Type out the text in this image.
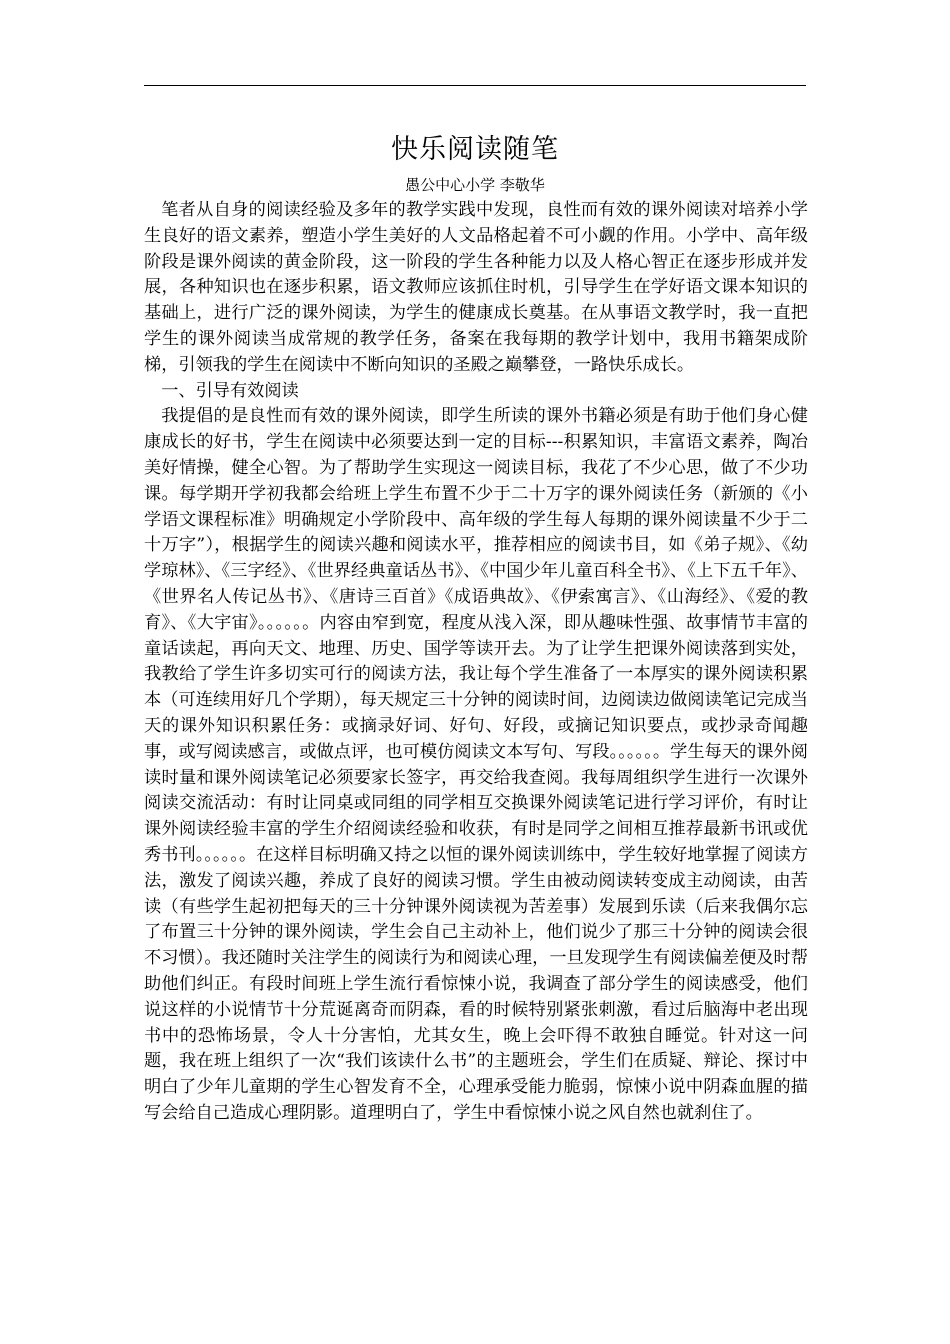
快乐阅读随笔
愚公中心小学 李敬华

笔者从自身的阅读经验及多年的教学实践中发现，良性而有效的课外阅读对培养小学生良好的语文素养，塑造小学生美好的人文品格起着不可小觑的作用。小学中、高年级阶段是课外阅读的黄金阶段，这一阶段的学生各种能力以及人格心智正在逐步形成并发展，各种知识也在逐步积累，语文教师应该抓住时机，引导学生在学好语文课本知识的基础上，进行广泛的课外阅读，为学生的健康成长奠基。在从事语文教学时，我一直把学生的课外阅读当成常规的教学任务，备案在我每期的教学计划中，我用书籍架成阶梯，引领我的学生在阅读中不断向知识的圣殿之巅攀登，一路快乐成长。

一、引导有效阅读

我提倡的是良性而有效的课外阅读，即学生所读的课外书籍必须是有助于他们身心健康成长的好书，学生在阅读中必须要达到一定的目标---积累知识，丰富语文素养，陶冶美好情操，健全心智。为了帮助学生实现这一阅读目标，我花了不少心思，做了不少功课。每学期开学初我都会给班上学生布置不少于二十万字的课外阅读任务（新颁的《小学语文课程标准》明确规定小学阶段中、高年级的学生每人每期的课外阅读量不少于二十万字”），根据学生的阅读兴趣和阅读水平，推荐相应的阅读书目，如《弟子规》、《幼学琼林》、《三字经》、《世界经典童话丛书》、《中国少年儿童百科全书》、《上下五千年》、《世界名人传记丛书》、《唐诗三百首》《成语典故》、《伊索寓言》、《山海经》、《爱的教育》、《大宇宙》。。。。。。内容由窄到宽，程度从浅入深，即从趣味性强、故事情节丰富的童话读起，再向天文、地理、历史、国学等读开去。为了让学生把课外阅读落到实处，我教给了学生许多切实可行的阅读方法，我让每个学生准备了一本厚实的课外阅读积累本（可连续用好几个学期），每天规定三十分钟的阅读时间，边阅读边做阅读笔记完成当天的课外知识积累任务：或摘录好词、好句、好段，或摘记知识要点，或抄录奇闻趣事，或写阅读感言，或做点评，也可模仿阅读文本写句、写段。。。。。。学生每天的课外阅读时量和课外阅读笔记必须要家长签字，再交给我查阅。我每周组织学生进行一次课外阅读交流活动：有时让同桌或同组的同学相互交换课外阅读笔记进行学习评价，有时让课外阅读经验丰富的学生介绍阅读经验和收获，有时是同学之间相互推荐最新书讯或优秀书刊。。。。。。在这样目标明确又持之以恒的课外阅读训练中，学生较好地掌握了阅读方法，激发了阅读兴趣，养成了良好的阅读习惯。学生由被动阅读转变成主动阅读，由苦读（有些学生起初把每天的三十分钟课外阅读视为苦差事）发展到乐读（后来我偶尔忘了布置三十分钟的课外阅读，学生会自己主动补上，他们说少了那三十分钟的阅读会很不习惯）。我还随时关注学生的阅读行为和阅读心理，一旦发现学生有阅读偏差便及时帮助他们纠正。有段时间班上学生流行看惊悚小说，我调查了部分学生的阅读感受，他们说这样的小说情节十分荒诞离奇而阴森，看的时候特别紧张刺激，看过后脑海中老出现书中的恐怖场景，令人十分害怕，尤其女生，晚上会吓得不敢独自睡觉。针对这一问题，我在班上组织了一次“我们该读什么书”的主题班会，学生们在质疑、辩论、探讨中明白了少年儿童期的学生心智发育不全，心理承受能力脆弱，惊悚小说中阴森血腥的描写会给自己造成心理阴影。道理明白了，学生中看惊悚小说之风自然也就刹住了。
